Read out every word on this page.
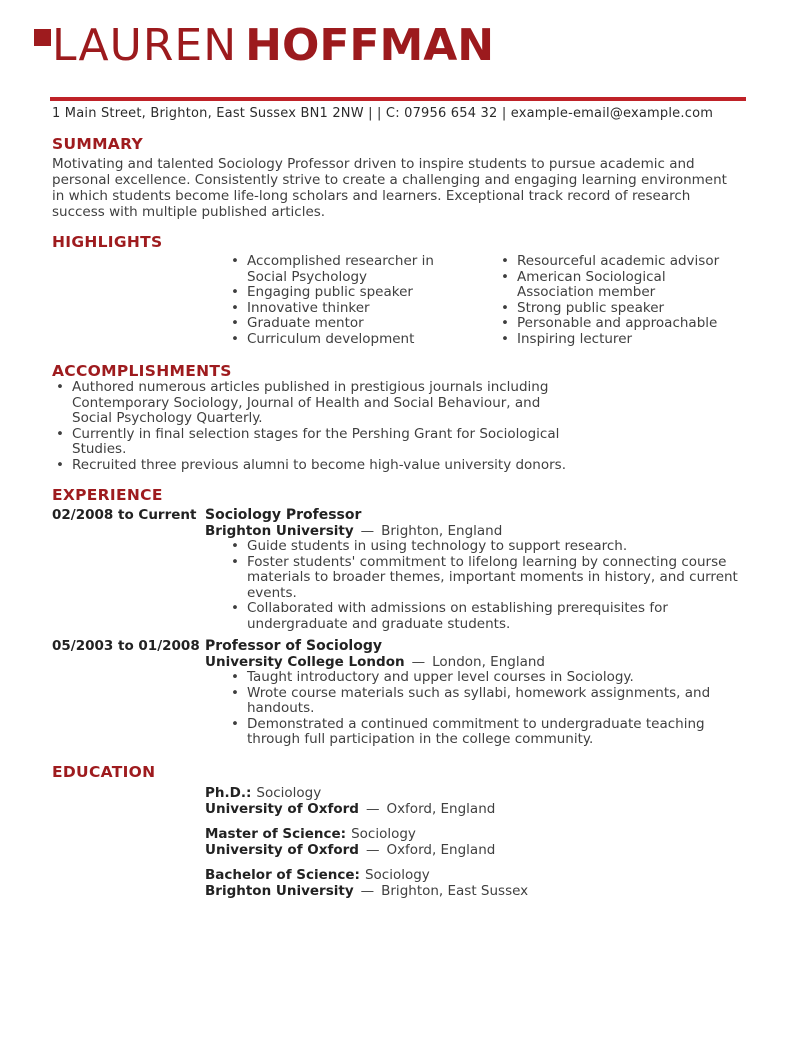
LAUREN HOFFMAN
1 Main Street, Brighton, East Sussex BN1 2NW | | C: 07956 654 32 | example-email@example.com
SUMMARY

Motivating and talented Sociology Professor driven to inspire students to pursue academic and personal excellence. Consistently strive to create a challenging and engaging learning environment in which students become life-long scholars and learners. Exceptional track record of research success with multiple published articles.

HIGHLIGHTS
• Accomplished researcher in Social Psychology
• Engaging public speaker
• Innovative thinker
• Graduate mentor
• Curriculum development
• Resourceful academic advisor
• American Sociological Association member
• Strong public speaker
• Personable and approachable
• Inspiring lecturer
ACCOMPLISHMENTS
• Authored numerous articles published in prestigious journals including Contemporary Sociology, Journal of Health and Social Behaviour, and Social Psychology Quarterly.
• Currently in final selection stages for the Pershing Grant for Sociological Studies.
• Recruited three previous alumni to become high-value university donors.
EXPERIENCE
02/2008 to Current Sociology Professor
Brighton University — Brighton, England
• Guide students in using technology to support research.
• Foster students' commitment to lifelong learning by connecting course materials to broader themes, important moments in history, and current events.
• Collaborated with admissions on establishing prerequisites for undergraduate and graduate students.
05/2003 to 01/2008 Professor of Sociology
University College London — London, England
• Taught introductory and upper level courses in Sociology.
• Wrote course materials such as syllabi, homework assignments, and handouts.
• Demonstrated a continued commitment to undergraduate teaching through full participation in the college community.
EDUCATION
Ph.D.: Sociology
University of Oxford — Oxford, England
Master of Science: Sociology
University of Oxford — Oxford, England
Bachelor of Science: Sociology
Brighton University — Brighton, East Sussex
